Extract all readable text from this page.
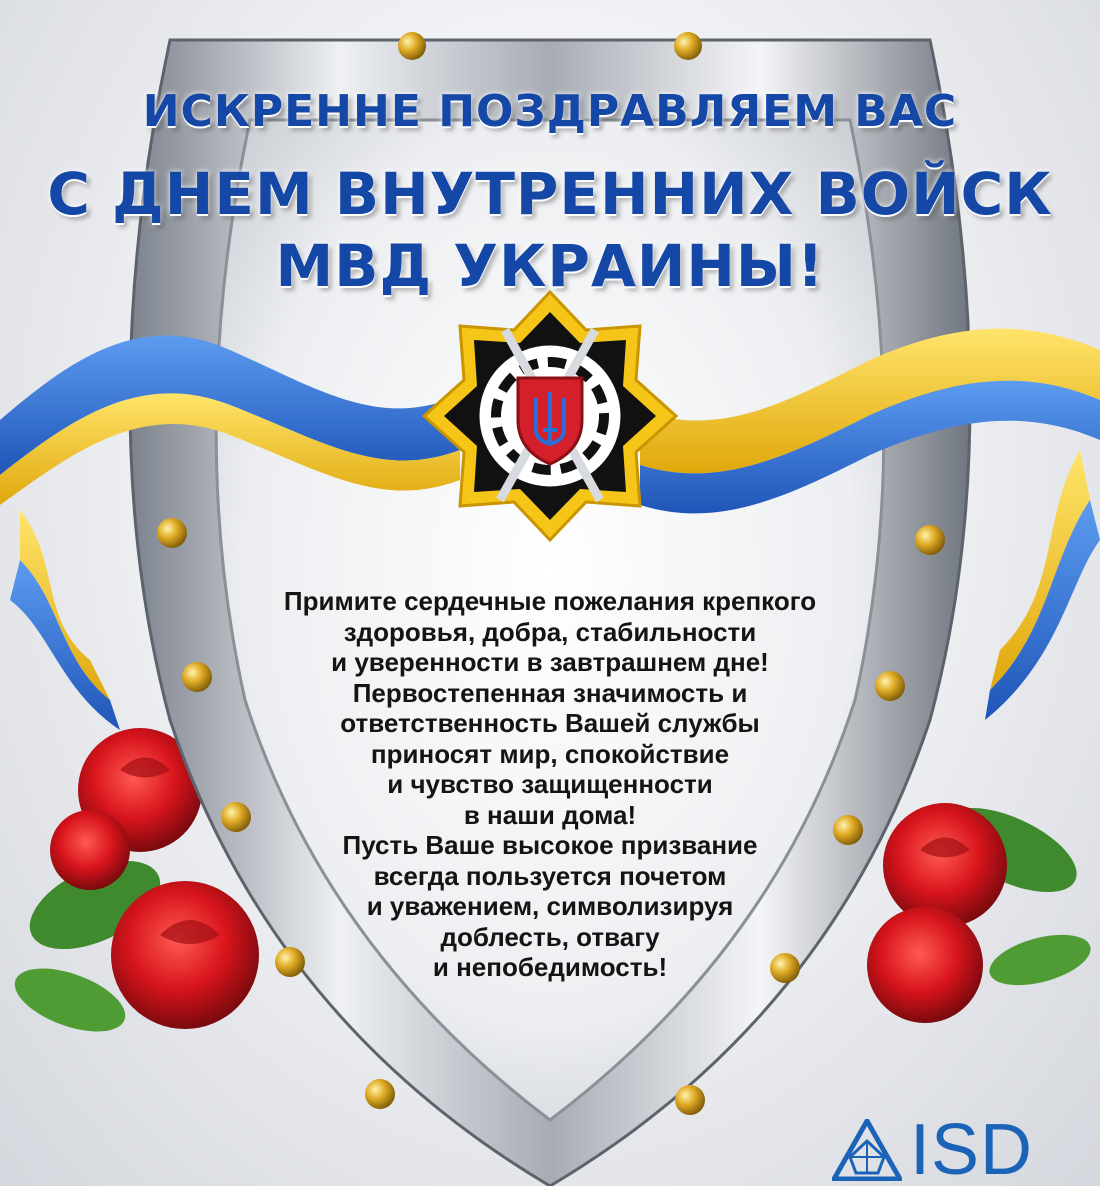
ИСКРЕННЕ ПОЗДРАВЛЯЕМ ВАС
С ДНЕМ ВНУТРЕННИХ ВОЙСК
МВД УКРАИНЫ!
Примите сердечные пожелания крепкого
здоровья, добра, стабильности
и уверенности в завтрашнем дне!
Первостепенная значимость и
ответственность Вашей службы
приносят мир, спокойствие
и чувство защищенности
в наши дома!
Пусть Ваше высокое призвание
всегда пользуется почетом
и уважением, символизируя
доблесть, отвагу
и непобедимость!
ISD
